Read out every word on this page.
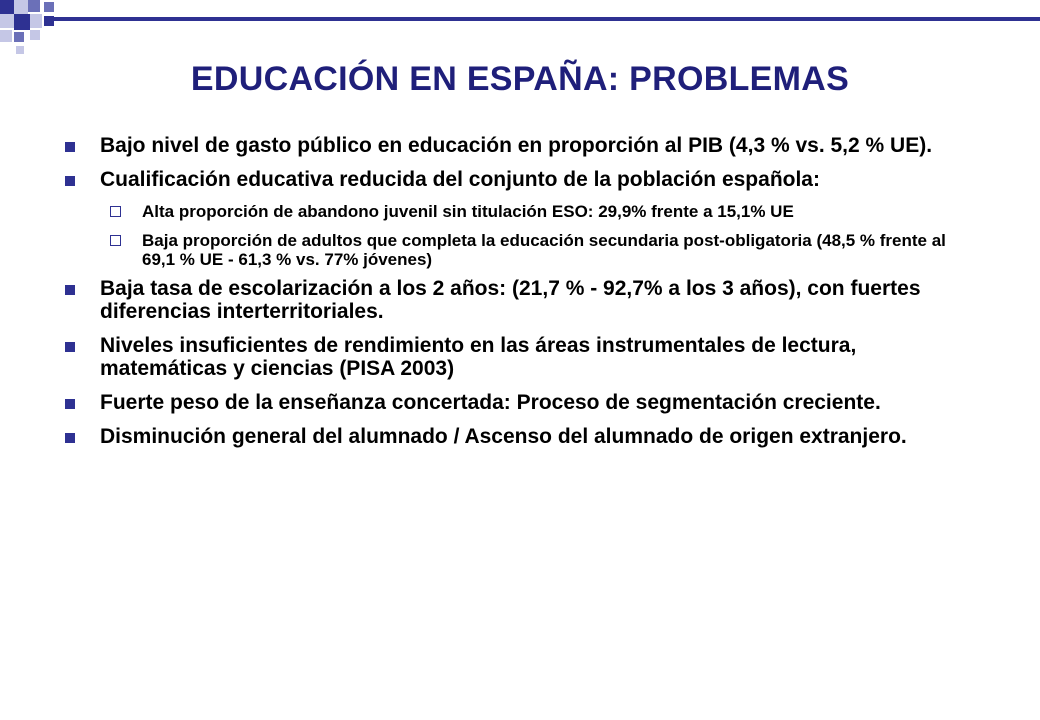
EDUCACIÓN EN ESPAÑA: PROBLEMAS
Bajo nivel de gasto público en educación en proporción al PIB (4,3 % vs. 5,2 % UE).
Cualificación educativa reducida del conjunto de la población española:
Alta proporción de abandono juvenil sin titulación ESO: 29,9% frente a 15,1% UE
Baja proporción de adultos que completa la educación secundaria post-obligatoria (48,5 % frente al 69,1 % UE - 61,3 % vs. 77% jóvenes)
Baja tasa de escolarización a los 2 años: (21,7 % - 92,7% a los 3 años), con fuertes diferencias interterritoriales.
Niveles insuficientes de rendimiento en las áreas instrumentales de lectura, matemáticas y ciencias (PISA 2003)
Fuerte peso de la enseñanza concertada: Proceso de segmentación creciente.
Disminución general del alumnado / Ascenso del alumnado de origen extranjero.
